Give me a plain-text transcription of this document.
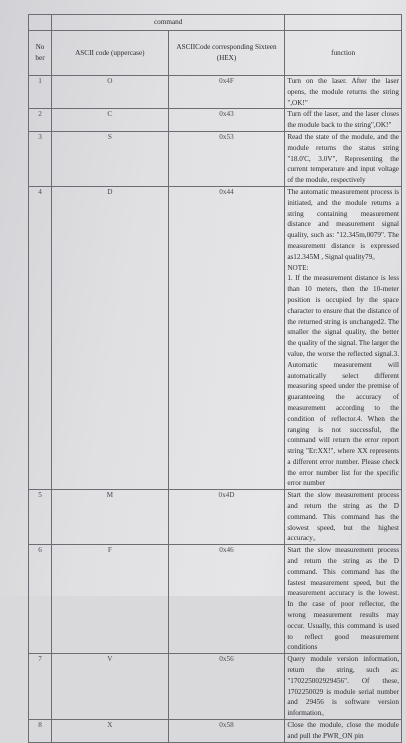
	command		
No ber	ASCII code (uppercase)	ASCIICode corresponding Sixteen (HEX)	function
1	O	0x4F	Turn on the laser. After the laser opens, the module returns the string ",OK!"
2	C	0x43	Turn off the laser, and the laser closes the module back to the string",OK!"
3	S	0x53	Read the state of the module, and the module returns the status string "18.0'C, 3.0V", Representing the current temperature and input voltage of the module, respectively
4	D	0x44	The automatic measurement process is initiated, and the module returns a string containing measurement distance and measurement signal quality, such as: "12.345m,0079". The measurement distance is expressed as12.345M , Signal quality79。
NOTE:
1. If the measurement distance is less than 10 meters, then the 10-meter position is occupied by the space character to ensure that the distance of the returned string is unchanged2. The smaller the signal quality, the better the quality of the signal. The larger the value, the worse the reflected signal.3. Automatic measurement will automatically select different measuring speed under the premise of guaranteeing the accuracy of measurement according to the condition of reflector.4. When the ranging is not successful, the command will return the error report string "Er:XX!", where XX represents a different error number. Please check the error number list for the specific error number

5	M	0x4D	Start the slow measurement process and return the string as the D command. This command has the slowest speed, but the highest accuracy。
6	F	0x46	Start the slow measurement process and return the string as the D command. This command has the fastest measurement speed, but the measurement accuracy is the lowest. In the case of poor reflector, the wrong measurement results may occur. Usually, this command is used to reflect good measurement conditions
7	V	0x56	Query module version information, return the string, such as: "170225002929456". Of these, 1702250029 is module serial number and 29456 is software version information。
8	X	0x58	Close the module, close the module and pull the PWR_ON pin
